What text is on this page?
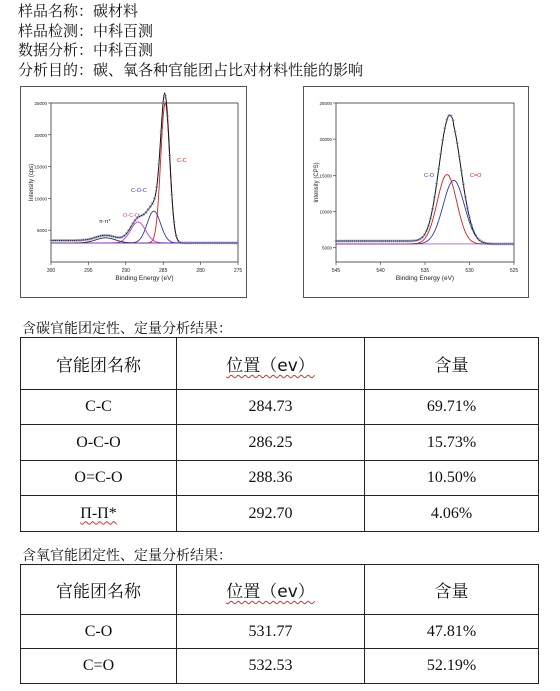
样品名称：碳材料
样品检测：中科百测
数据分析：中科百测
分析目的：碳、氧各种官能团占比对材料性能的影响
300	295	290	285	280	275
25000
20000
15000
10000
5000
Binding Energy (eV)
Intensity (cps)
C-C
C-O-C
O-C-O
π-π*
545	540	535	530	525
25000
20000
15000
10000
5000
Binding Energy (eV)
Intensity (CPS)	C-O	C=O
含碳官能团定性、定量分析结果：
官能团名称	位置（ev）	含量
C-C	284.73	69.71%
O-C-O	286.25	15.73%
O=C-O	288.36	10.50%
Π-Π*	292.70	4.06%
含氧官能团定性、定量分析结果：
官能团名称	位置（ev）	含量
C-O	531.77	47.81%
C=O	532.53	52.19%
